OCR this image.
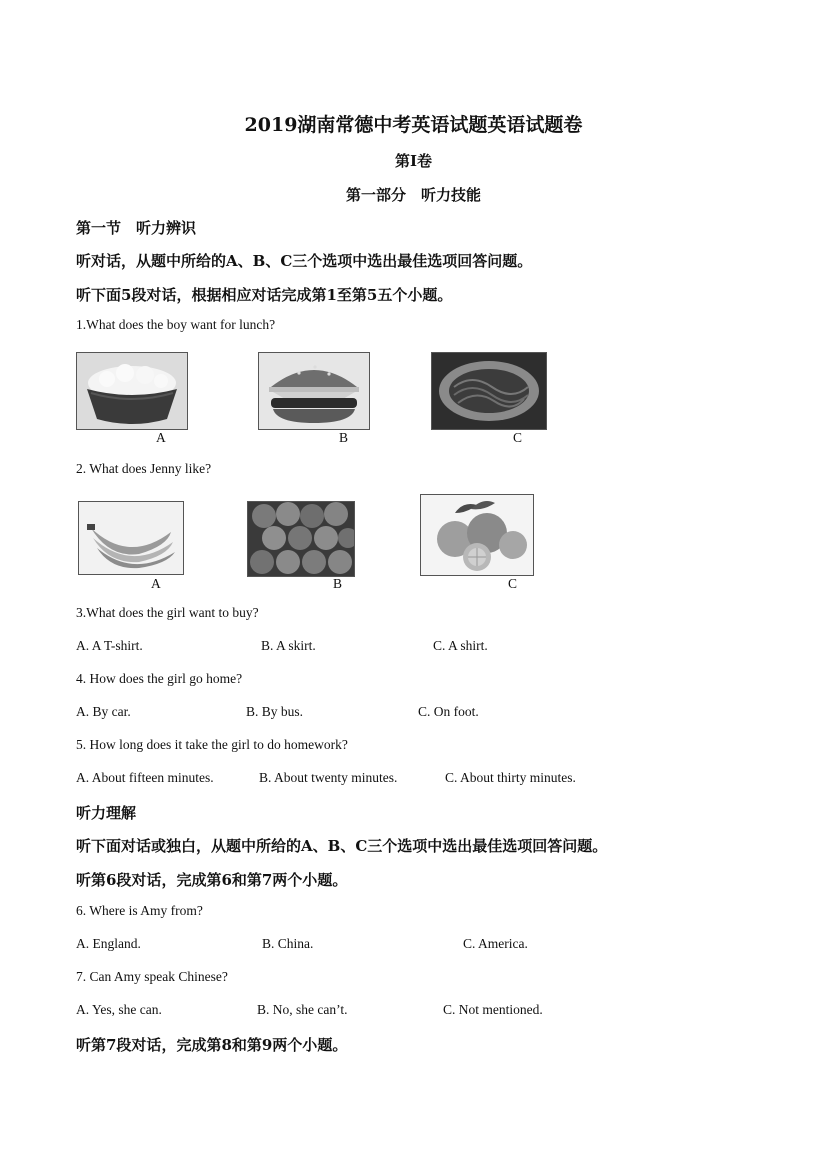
2019湖南常德中考英语试题英语试题卷
第I卷
第一部分　听力技能
第一节　听力辨识
听对话，从题中所给的A、B、C三个选项中选出最佳选项回答问题。
听下面5段对话，根据相应对话完成第1至第5五个小题。
1.What does the boy want for lunch?
A	B	C
2. What does Jenny like?
A	B	C
3.What does the girl want to buy?
A. A T-shirt.	B. A skirt.	C. A shirt.
4. How does the girl go home?
A. By car.	B. By bus.	C. On foot.
5. How long does it take the girl to do homework?
A. About fifteen minutes.	B. About twenty minutes.	C. About thirty minutes.
听力理解
听下面对话或独白，从题中所给的A、B、C三个选项中选出最佳选项回答问题。
听第6段对话，完成第6和第7两个小题。
6. Where is Amy from?
A. England.	B. China.	C. America.
7. Can Amy speak Chinese?
A. Yes, she can.	B. No, she can’t.	C. Not mentioned.
听第7段对话，完成第8和第9两个小题。
